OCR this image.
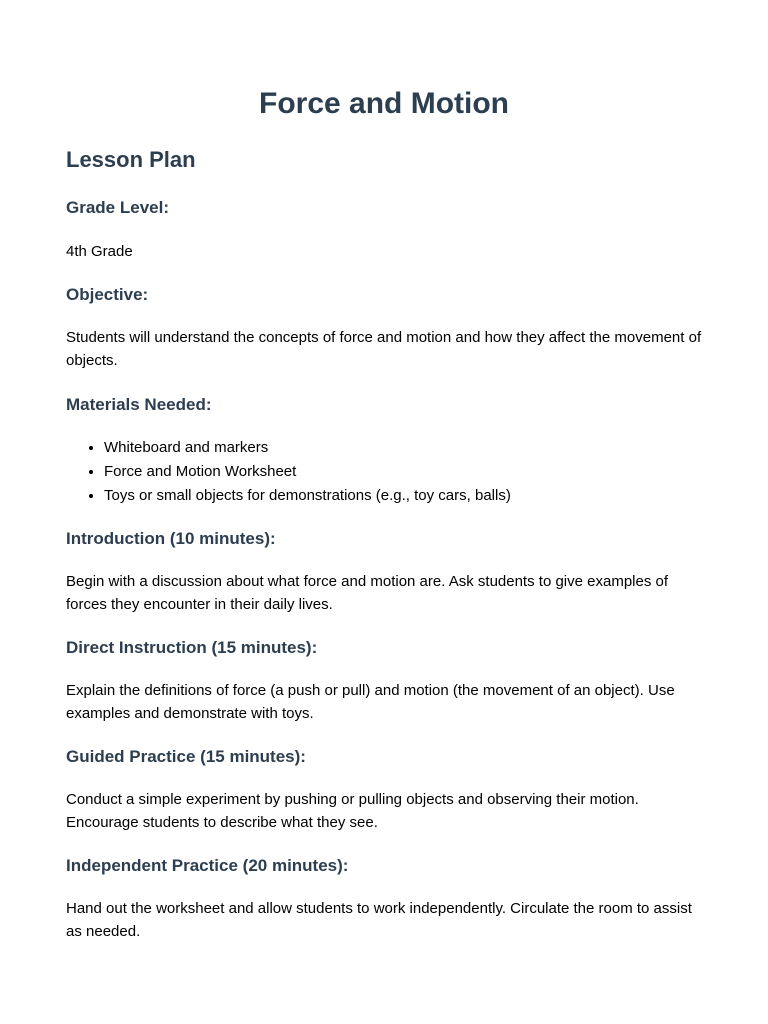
Force and Motion
Lesson Plan
Grade Level:

4th Grade

Objective:

Students will understand the concepts of force and motion and how they affect the movement of objects.

Materials Needed:
• Whiteboard and markers
• Force and Motion Worksheet
• Toys or small objects for demonstrations (e.g., toy cars, balls)
Introduction (10 minutes):

Begin with a discussion about what force and motion are. Ask students to give examples of forces they encounter in their daily lives.

Direct Instruction (15 minutes):

Explain the definitions of force (a push or pull) and motion (the movement of an object). Use examples and demonstrate with toys.

Guided Practice (15 minutes):

Conduct a simple experiment by pushing or pulling objects and observing their motion. Encourage students to describe what they see.

Independent Practice (20 minutes):

Hand out the worksheet and allow students to work independently. Circulate the room to assist as needed.
